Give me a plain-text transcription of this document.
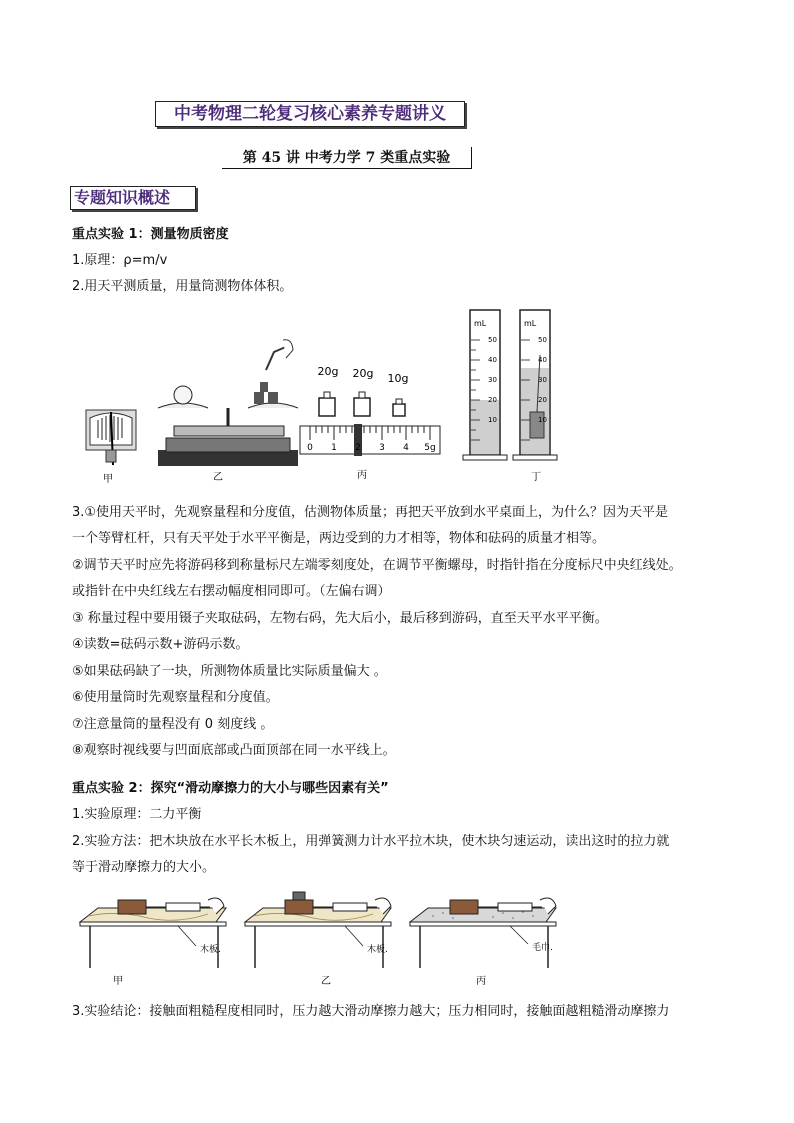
中考物理二轮复习核心素养专题讲义
第 45 讲 中考力学 7 类重点实验
专题知识概述
重点实验 1：测量物质密度
1.原理：ρ=m/v
2.用天平测质量，用量筒测物体体积。
甲	乙
20g 20g 10g
0 1 2 3 4 5g
丙
mL
50
40
30
20
10
mL
50
40
30
20
10
丁
3.①使用天平时，先观察量程和分度值，估测物体质量；再把天平放到水平桌面上，为什么？因为天平是
一个等臂杠杆，只有天平处于水平平衡是，两边受到的力才相等，物体和砝码的质量才相等。
②调节天平时应先将游码移到称量标尺左端零刻度处，在调节平衡螺母，时指针指在分度标尺中央红线处。
或指针在中央红线左右摆动幅度相同即可。（左偏右调）
③ 称量过程中要用镊子夹取砝码，左物右码，先大后小，最后移到游码，直至天平水平平衡。
④读数=砝码示数+游码示数。
⑤如果砝码缺了一块，所测物体质量比实际质量偏大 。
⑥使用量筒时先观察量程和分度值。
⑦注意量筒的量程没有 0 刻度线 。
⑧观察时视线要与凹面底部或凸面顶部在同一水平线上。
重点实验 2：探究“滑动摩擦力的大小与哪些因素有关”
1.实验原理：二力平衡
2.实验方法：把木块放在水平长木板上，用弹簧测力计水平拉木块，使木块匀速运动，读出这时的拉力就
等于滑动摩擦力的大小。
木板.
甲
木板.
乙
毛巾.
丙
3.实验结论：接触面粗糙程度相同时，压力越大滑动摩擦力越大；压力相同时，接触面越粗糙滑动摩擦力
